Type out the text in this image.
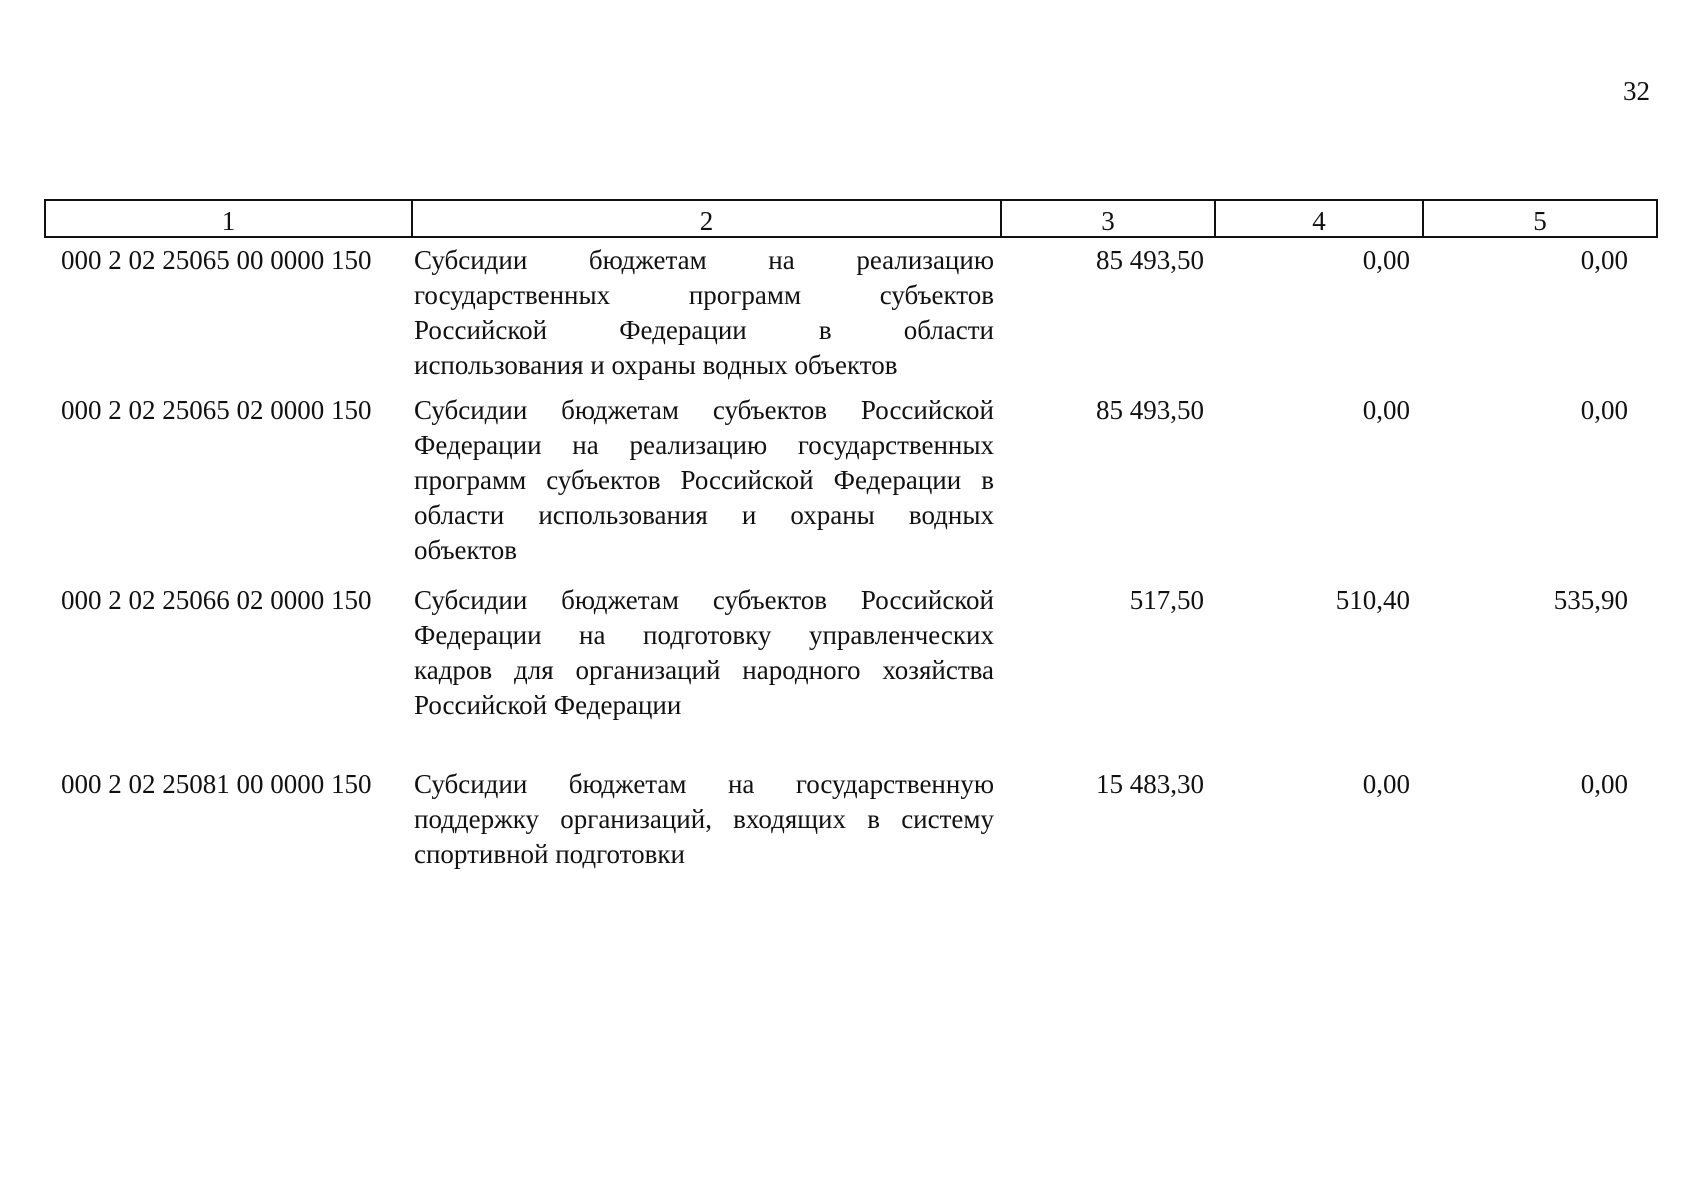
32
1	2	3	4	5
000 2 02 25065 00 0000 150	Субсидии бюджетам на реализацию
государственных программ субъектов
Российской Федерации в области
использования и охраны водных объектов
85 493,50	0,00	0,00
000 2 02 25065 02 0000 150	Субсидии бюджетам субъектов Российской
Федерации на реализацию государственных
программ субъектов Российской Федерации в
области использования и охраны водных
объектов
85 493,50	0,00	0,00
000 2 02 25066 02 0000 150	Субсидии бюджетам субъектов Российской
Федерации на подготовку управленческих
кадров для организаций народного хозяйства
Российской Федерации
517,50	510,40	535,90
000 2 02 25081 00 0000 150	Субсидии бюджетам на государственную
поддержку организаций, входящих в систему
спортивной подготовки
15 483,30	0,00	0,00
